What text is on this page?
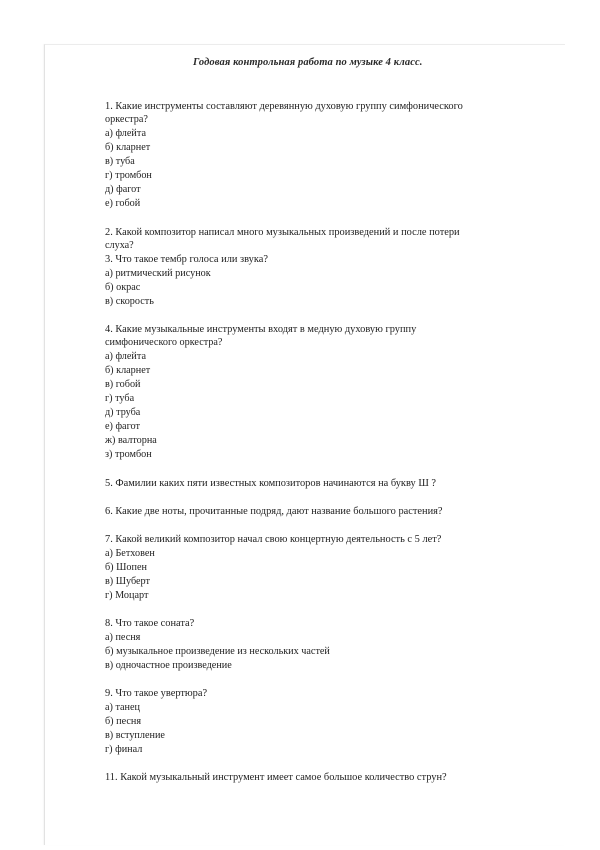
Годовая контрольная работа по музыке 4 класс.
1. Какие инструменты составляют деревянную духовую группу симфонического
оркестра?
а) флейта
б) кларнет
в) туба
г) тромбон
д) фагот
е) гобой
2. Какой композитор написал много музыкальных произведений и после потери
слуха?
3. Что такое тембр голоса или звука?
а) ритмический рисунок
б) окрас
в) скорость
4. Какие музыкальные инструменты входят в медную духовую группу
симфонического оркестра?
а) флейта
б) кларнет
в) гобой
г) туба
д) труба
е) фагот
ж) валторна
з) тромбон
5. Фамилии каких пяти известных композиторов начинаются на букву Ш ?
6. Какие две ноты, прочитанные подряд, дают название большого растения?
7. Какой великий композитор начал свою концертную деятельность с 5 лет?
а) Бетховен
б) Шопен
в) Шуберт
г) Моцарт
8. Что такое соната?
а) песня
б) музыкальное произведение из нескольких частей
в) одночастное произведение
9. Что такое увертюра?
а) танец
б) песня
в) вступление
г) финал
11. Какой музыкальный инструмент имеет самое большое количество струн?
